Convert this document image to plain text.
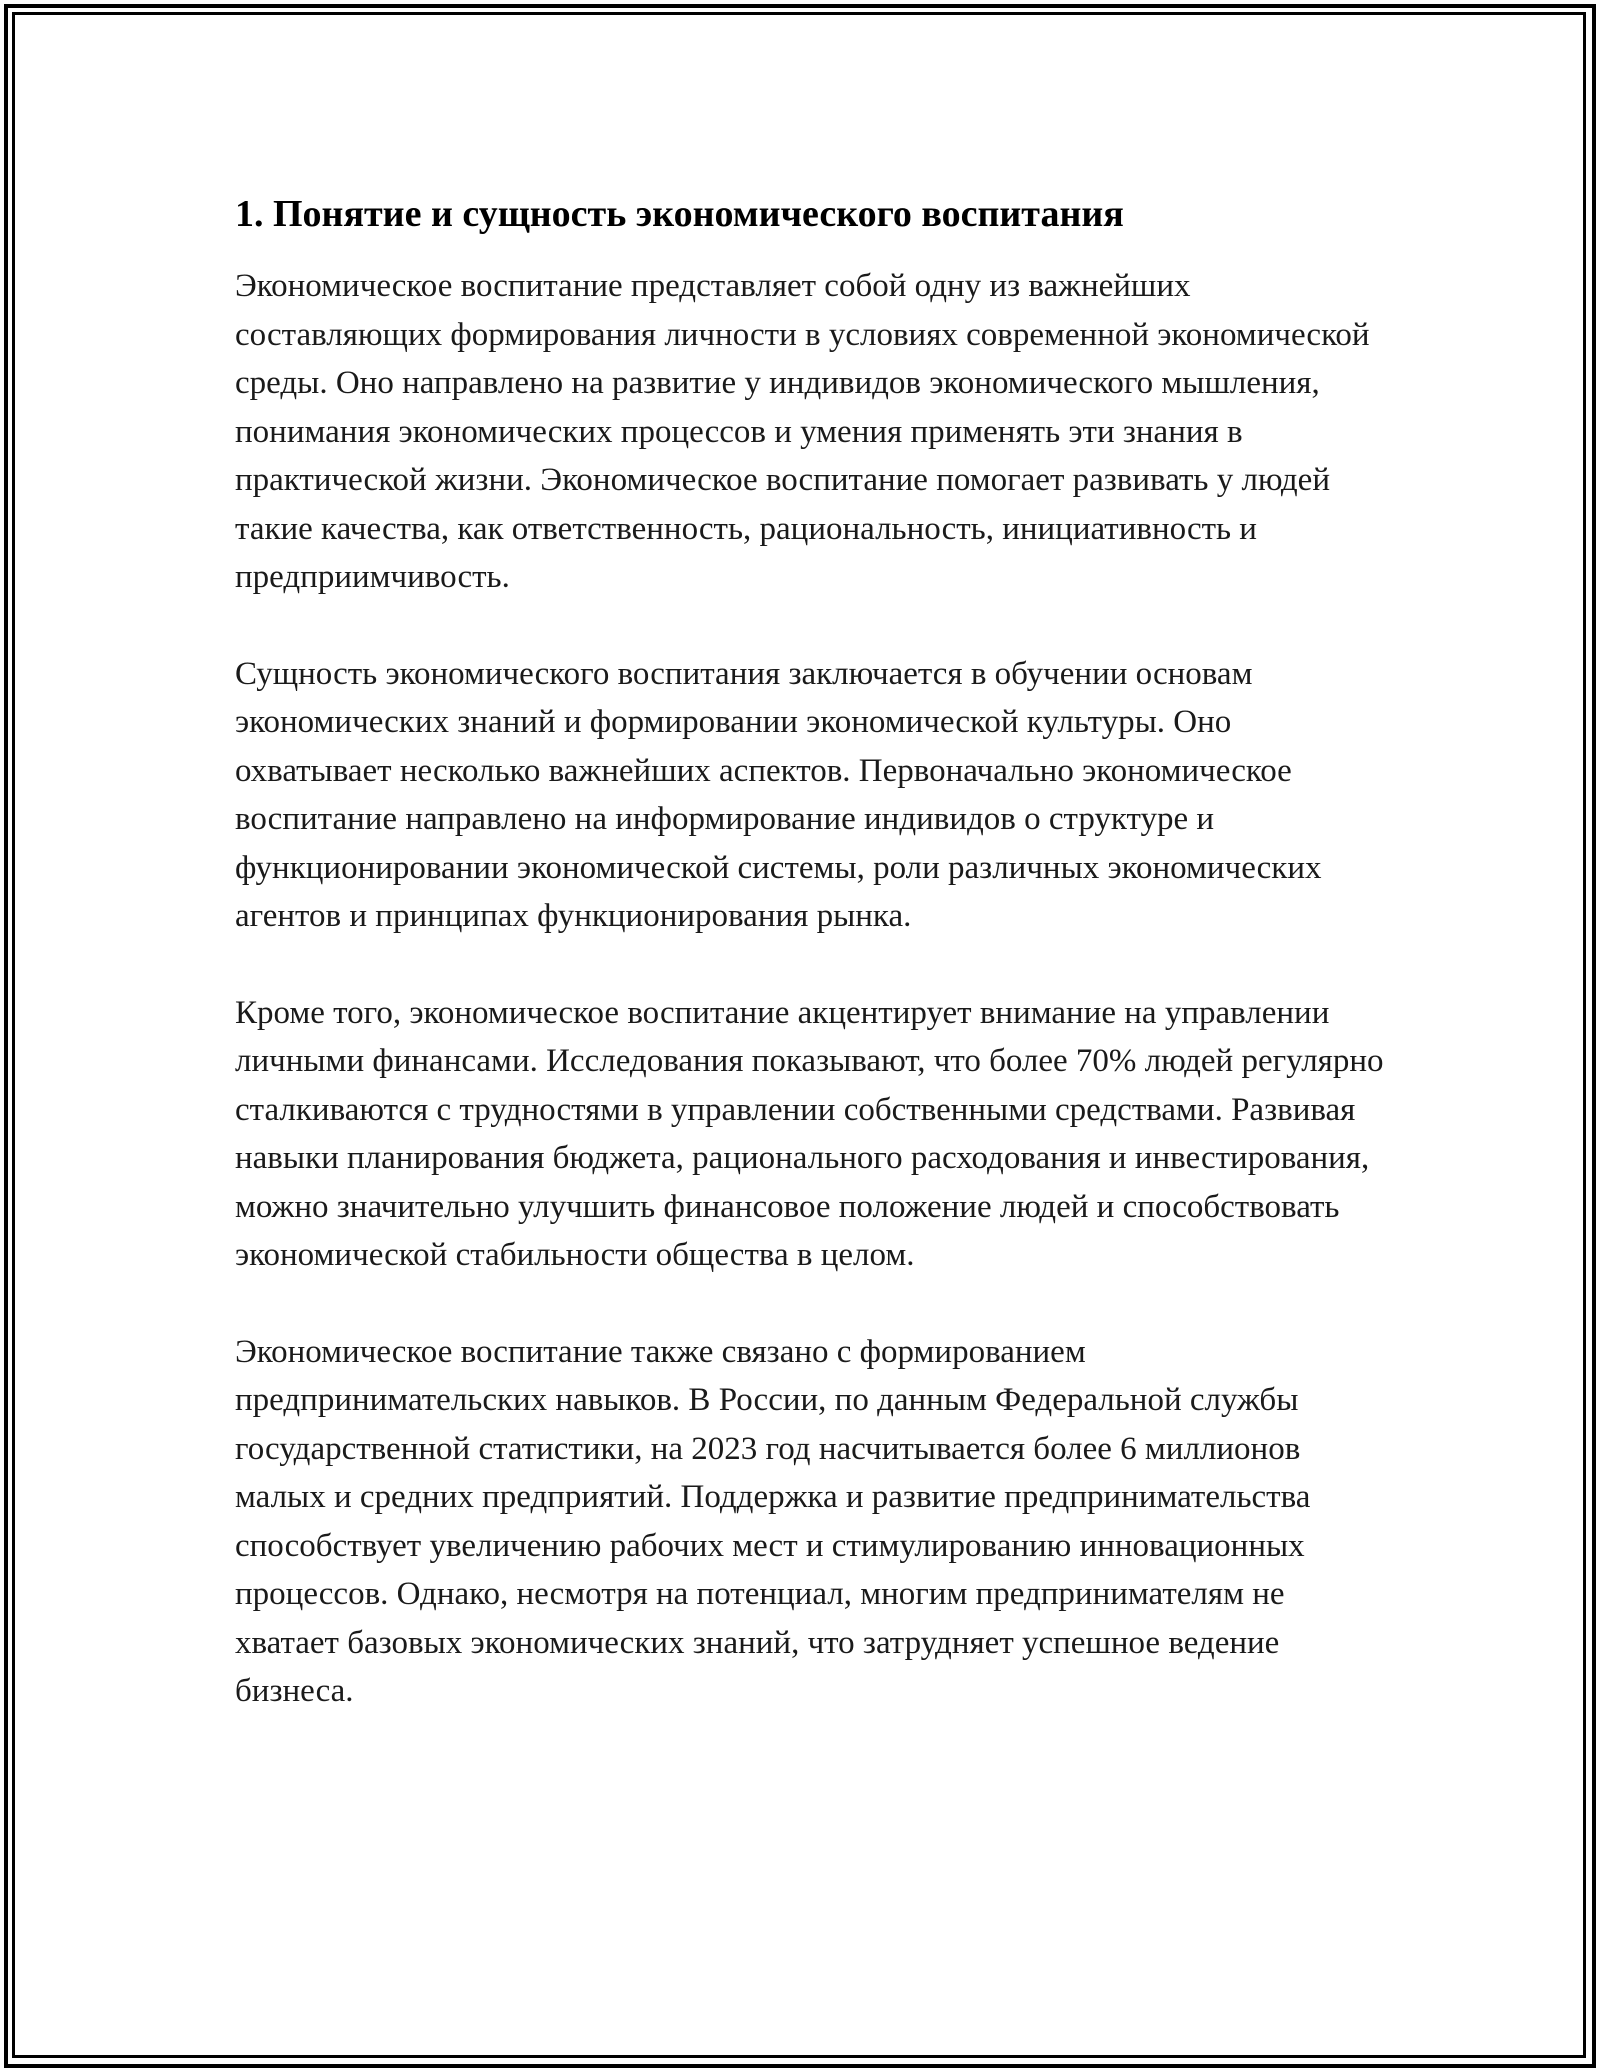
1. Понятие и сущность экономического воспитания

Экономическое воспитание представляет собой одну из важнейших составляющих формирования личности в условиях современной экономической среды. Оно направлено на развитие у индивидов экономического мышления, понимания экономических процессов и умения применять эти знания в практической жизни. Экономическое воспитание помогает развивать у людей такие качества, как ответственность, рациональность, инициативность и предприимчивость.

Сущность экономического воспитания заключается в обучении основам экономических знаний и формировании экономической культуры. Оно охватывает несколько важнейших аспектов. Первоначально экономическое воспитание направлено на информирование индивидов о структуре и функционировании экономической системы, роли различных экономических агентов и принципах функционирования рынка.

Кроме того, экономическое воспитание акцентирует внимание на управлении личными финансами. Исследования показывают, что более 70% людей регулярно сталкиваются с трудностями в управлении собственными средствами. Развивая навыки планирования бюджета, рационального расходования и инвестирования, можно значительно улучшить финансовое положение людей и способствовать экономической стабильности общества в целом.

Экономическое воспитание также связано с формированием предпринимательских навыков. В России, по данным Федеральной службы государственной статистики, на 2023 год насчитывается более 6 миллионов малых и средних предприятий. Поддержка и развитие предпринимательства способствует увеличению рабочих мест и стимулированию инновационных процессов. Однако, несмотря на потенциал, многим предпринимателям не хватает базовых экономических знаний, что затрудняет успешное ведение бизнеса.
